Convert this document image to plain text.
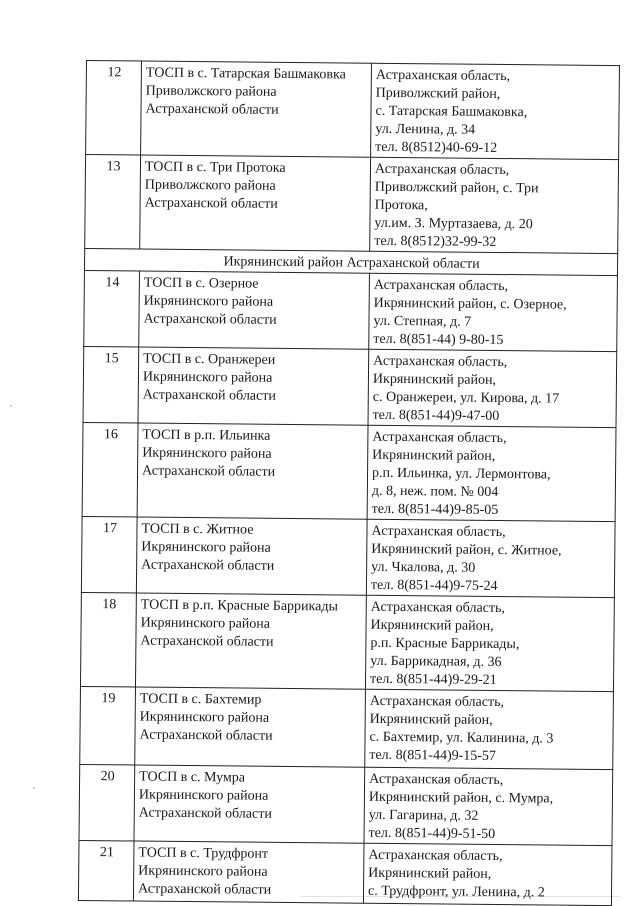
12	ТОСП в с. Татарская Башмаковка
Приволжского района
Астраханской области	Астраханская область,
Приволжский район,
с. Татарская Башмаковка,
ул. Ленина, д. 34
тел. 8(8512)40-69-12

13	ТОСП в с. Три Протока
Приволжского района
Астраханской области	Астраханская область,
Приволжский район, с. Три
Протока,
ул.им. З. Муртазаева, д. 20
тел. 8(8512)32-99-32

Икрянинский район Астраханской области		
14	ТОСП в с. Озерное
Икрянинского района
Астраханской области	Астраханская область,
Икрянинский район, с. Озерное,
ул. Степная, д. 7
тел. 8(851-44) 9-80-15

15	ТОСП в с. Оранжереи
Икрянинского района
Астраханской области	Астраханская область,
Икрянинский район,
с. Оранжереи, ул. Кирова, д. 17
тел. 8(851-44)9-47-00

16	ТОСП в р.п. Ильинка
Икрянинского района
Астраханской области	Астраханская область,
Икрянинский район,
р.п. Ильинка, ул. Лермонтова,
д. 8, неж. пом. № 004
тел. 8(851-44)9-85-05

17	ТОСП в с. Житное
Икрянинского района
Астраханской области	Астраханская область,
Икрянинский район, с. Житное,
ул. Чкалова, д. 30
тел. 8(851-44)9-75-24

18	ТОСП в р.п. Красные Баррикады
Икрянинского района
Астраханской области	Астраханская область,
Икрянинский район,
р.п. Красные Баррикады,
ул. Баррикадная, д. 36
тел. 8(851-44)9-29-21

19	ТОСП в с. Бахтемир
Икрянинского района
Астраханской области	Астраханская область,
Икрянинский район,
с. Бахтемир, ул. Калинина, д. 3
тел. 8(851-44)9-15-57

20	ТОСП в с. Мумра
Икрянинского района
Астраханской области	Астраханская область,
Икрянинский район, с. Мумра,
ул. Гагарина, д. 32
тел. 8(851-44)9-51-50

21	ТОСП в с. Трудфронт
Икрянинского района
Астраханской области	Астраханская область,
Икрянинский район,
с. Трудфронт, ул. Ленина, д. 2
